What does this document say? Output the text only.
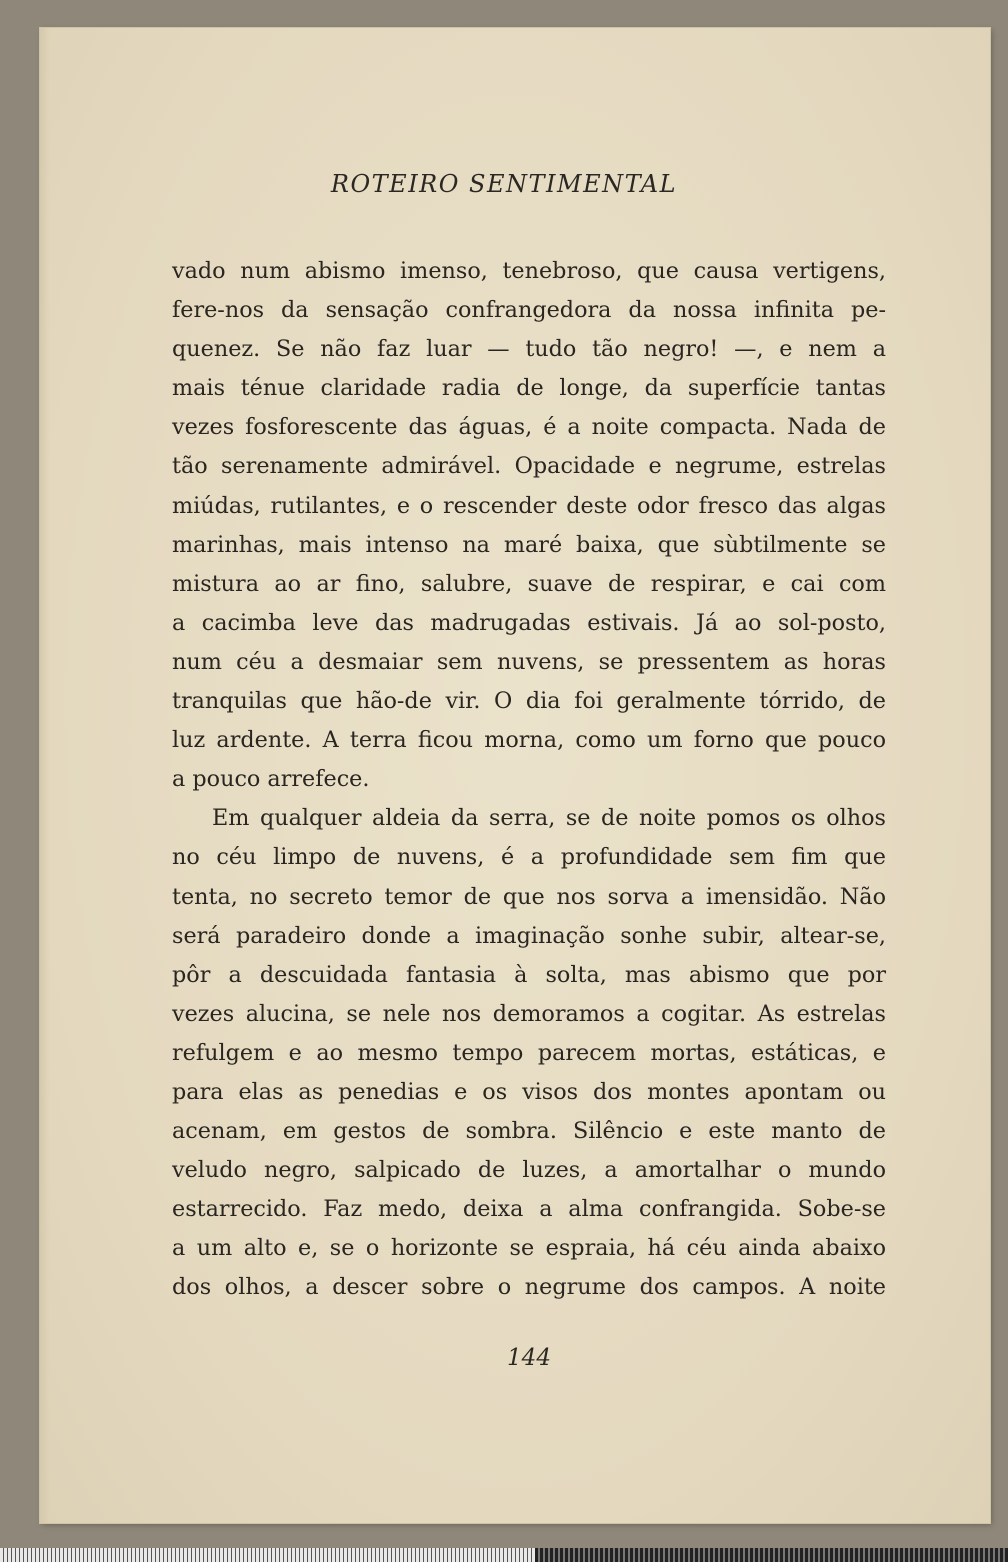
ROTEIRO SENTIMENTAL
vado num abismo imenso, tenebroso, que causa vertigens,
fere-nos da sensação confrangedora da nossa infinita pe-
quenez. Se não faz luar — tudo tão negro! —, e nem a
mais ténue claridade radia de longe, da superfície tantas
vezes fosforescente das águas, é a noite compacta. Nada de
tão serenamente admirável. Opacidade e negrume, estrelas
miúdas, rutilantes, e o rescender deste odor fresco das algas
marinhas, mais intenso na maré baixa, que sùbtilmente se
mistura ao ar fino, salubre, suave de respirar, e cai com
a cacimba leve das madrugadas estivais. Já ao sol-posto,
num céu a desmaiar sem nuvens, se pressentem as horas
tranquilas que hão-de vir. O dia foi geralmente tórrido, de
luz ardente. A terra ficou morna, como um forno que pouco
a pouco arrefece.
Em qualquer aldeia da serra, se de noite pomos os olhos
no céu limpo de nuvens, é a profundidade sem fim que
tenta, no secreto temor de que nos sorva a imensidão. Não
será paradeiro donde a imaginação sonhe subir, altear-se,
pôr a descuidada fantasia à solta, mas abismo que por
vezes alucina, se nele nos demoramos a cogitar. As estrelas
refulgem e ao mesmo tempo parecem mortas, estáticas, e
para elas as penedias e os visos dos montes apontam ou
acenam, em gestos de sombra. Silêncio e este manto de
veludo negro, salpicado de luzes, a amortalhar o mundo
estarrecido. Faz medo, deixa a alma confrangida. Sobe-se
a um alto e, se o horizonte se espraia, há céu ainda abaixo
dos olhos, a descer sobre o negrume dos campos. A noite
144
